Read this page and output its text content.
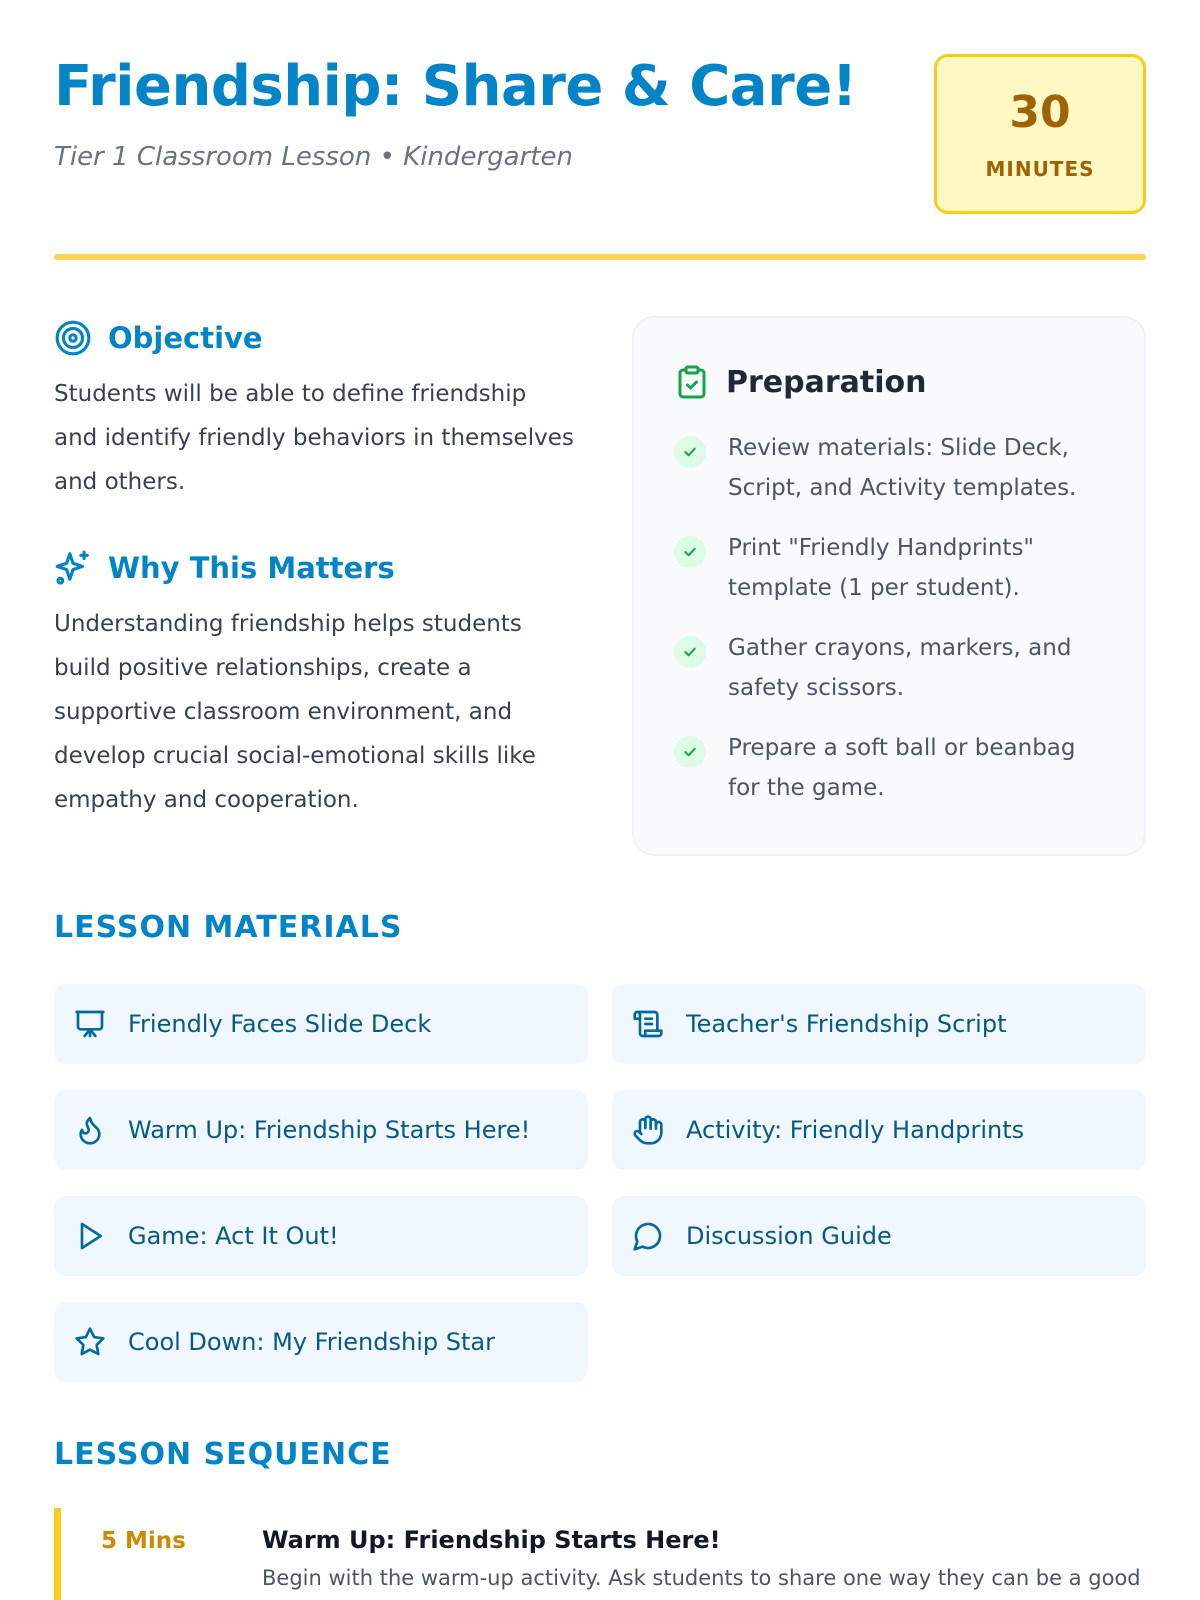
Friendship: Share & Care!
Tier 1 Classroom Lesson • Kindergarten
30
MINUTES
Objective

Students will be able to define friendship and identify friendly behaviors in themselves and others.

Why This Matters

Understanding friendship helps students build positive relationships, create a supportive classroom environment, and develop crucial social-emotional skills like empathy and cooperation.

Preparation
Review materials: Slide Deck, Script, and Activity templates.
Print "Friendly Handprints" template (1 per student).
Gather crayons, markers, and safety scissors.
Prepare a soft ball or beanbag for the game.
LESSON MATERIALS
Friendly Faces Slide Deck	Teacher's Friendship Script
Warm Up: Friendship Starts Here!	Activity: Friendly Handprints
Game: Act It Out!	Discussion Guide
Cool Down: My Friendship Star
LESSON SEQUENCE
5 Mins	Warm Up: Friendship Starts Here!
Begin with the warm-up activity. Ask students to share one way they can be a good
